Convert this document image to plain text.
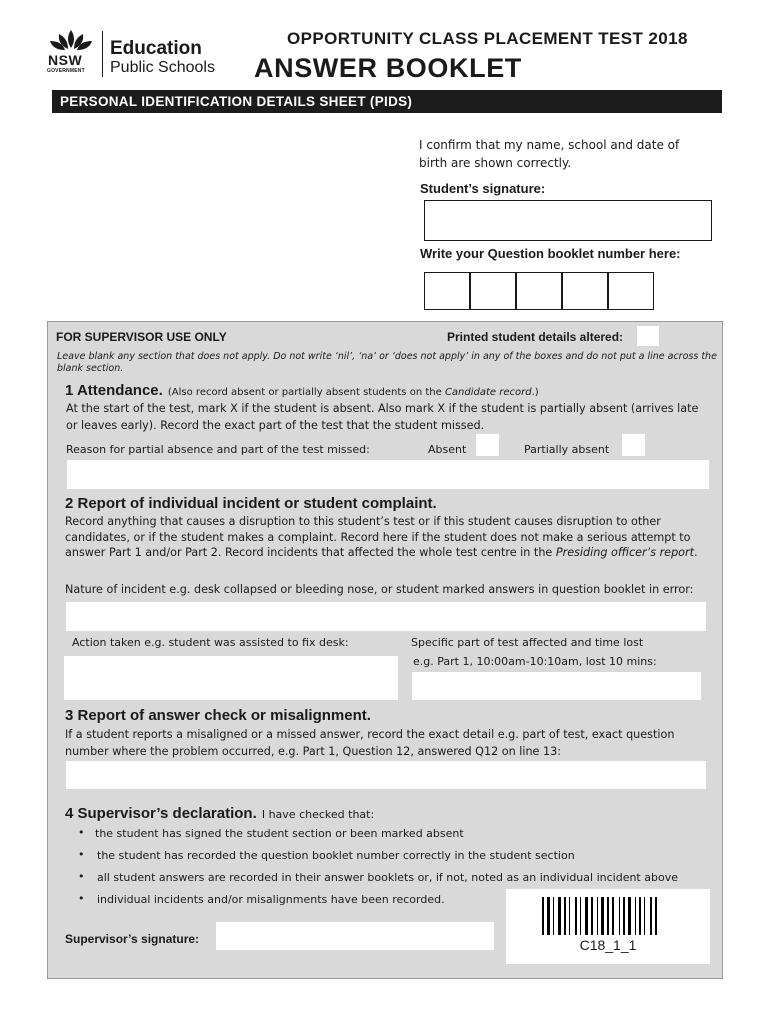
NSW
GOVERNMENT
Education
Public Schools
OPPORTUNITY CLASS PLACEMENT TEST 2018
ANSWER BOOKLET
PERSONAL IDENTIFICATION DETAILS SHEET (PIDS)
I confirm that my name, school and date of birth are shown correctly.
Student’s signature:
Write your Question booklet number here:
FOR SUPERVISOR USE ONLY	Printed student details altered:
Leave blank any section that does not apply. Do not write ‘nil’, ‘na’ or ‘does not apply’ in any of the boxes and do not put a line across the blank section.
1 Attendance. (Also record absent or partially absent students on the Candidate record.)
At the start of the test, mark X if the student is absent. Also mark X if the student is partially absent (arrives late or leaves early). Record the exact part of the test that the student missed.
Reason for partial absence and part of the test missed:	Absent	Partially absent
2 Report of individual incident or student complaint.
Record anything that causes a disruption to this student’s test or if this student causes disruption to other candidates, or if the student makes a complaint. Record here if the student does not make a serious attempt to answer Part 1 and/or Part 2. Record incidents that affected the whole test centre in the Presiding officer’s report.
Nature of incident e.g. desk collapsed or bleeding nose, or student marked answers in question booklet in error:
Action taken e.g. student was assisted to fix desk:	Specific part of test affected and time lost
e.g. Part 1, 10:00am-10:10am, lost 10 mins:
3 Report of answer check or misalignment.
If a student reports a misaligned or a missed answer, record the exact detail e.g. part of test, exact question number where the problem occurred, e.g. Part 1, Question 12, answered Q12 on line 13:
4 Supervisor’s declaration. I have checked that:
• the student has signed the student section or been marked absent
• the student has recorded the question booklet number correctly in the student section
• all student answers are recorded in their answer booklets or, if not, noted as an individual incident above
• individual incidents and/or misalignments have been recorded.
Supervisor’s signature:	C18_1_1
